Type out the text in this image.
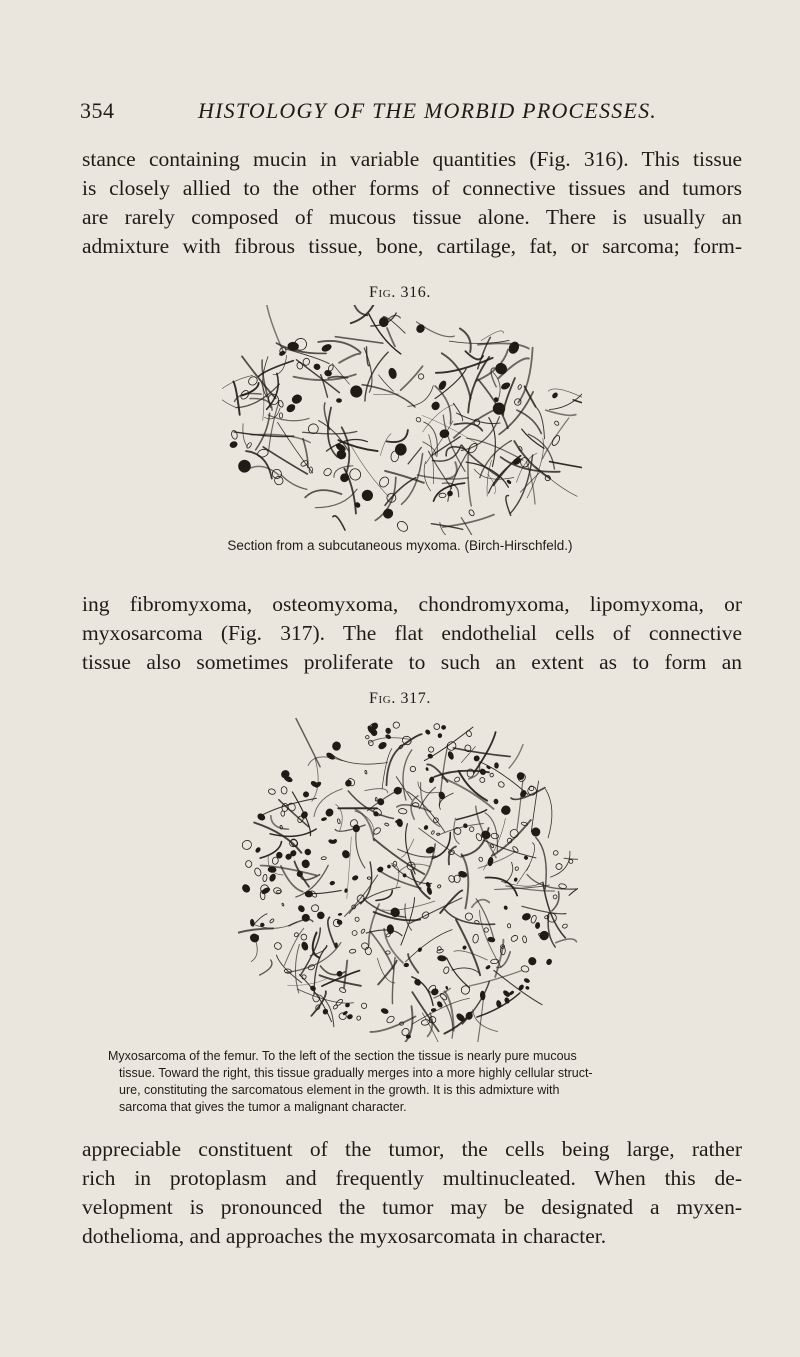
354	HISTOLOGY OF THE MORBID PROCESSES.

stance containing mucin in variable quantities (Fig. 316). This tissue
is closely allied to the other forms of connective tissues and tumors
are rarely composed of mucous tissue alone. There is usually an
admixture with fibrous tissue, bone, cartilage, fat, or sarcoma; form-

Fig. 316.
Section from a subcutaneous myxoma. (Birch-Hirschfeld.)

ing fibromyxoma, osteomyxoma, chondromyxoma, lipomyxoma, or
myxosarcoma (Fig. 317). The flat endothelial cells of connective
tissue also sometimes proliferate to such an extent as to form an

Fig. 317.
Myxosarcoma of the femur. To the left of the section the tissue is nearly pure mucous
tissue. Toward the right, this tissue gradually merges into a more highly cellular struct-
ure, constituting the sarcomatous element in the growth. It is this admixture with
sarcoma that gives the tumor a malignant character.

appreciable constituent of the tumor, the cells being large, rather
rich in protoplasm and frequently multinucleated. When this de-
velopment is pronounced the tumor may be designated a myxen-
dothelioma, and approaches the myxosarcomata in character.
